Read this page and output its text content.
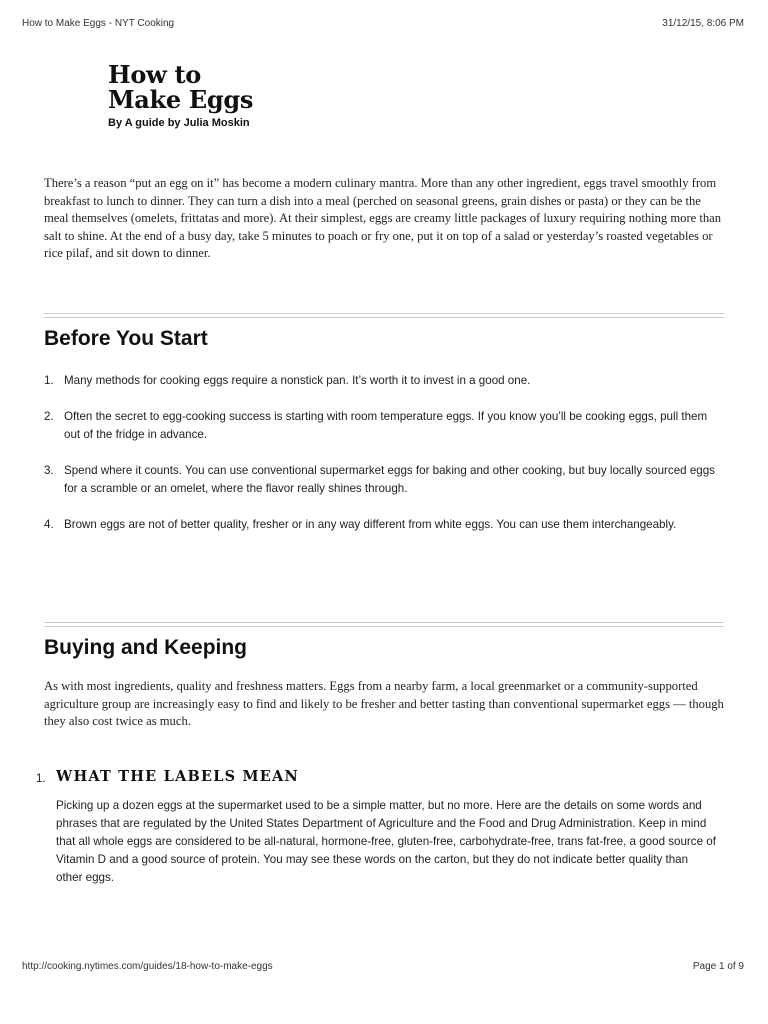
How to Make Eggs - NYT Cooking	31/12/15, 8:06 PM
How to
Make Eggs
By A guide by Julia Moskin

There’s a reason “put an egg on it” has become a modern culinary mantra. More than any other ingredient, eggs travel smoothly from breakfast to lunch to dinner. They can turn a dish into a meal (perched on seasonal greens, grain dishes or pasta) or they can be the meal themselves (omelets, frittatas and more). At their simplest, eggs are creamy little packages of luxury requiring nothing more than salt to shine. At the end of a busy day, take 5 minutes to poach or fry one, put it on top of a salad or yesterday’s roasted vegetables or rice pilaf, and sit down to dinner.

Before You Start
1. Many methods for cooking eggs require a nonstick pan. It’s worth it to invest in a good one.
2. Often the secret to egg-cooking success is starting with room temperature eggs. If you know you’ll be cooking eggs, pull them out of the fridge in advance.
3. Spend where it counts. You can use conventional supermarket eggs for baking and other cooking, but buy locally sourced eggs for a scramble or an omelet, where the flavor really shines through.
4. Brown eggs are not of better quality, fresher or in any way different from white eggs. You can use them interchangeably.
Buying and Keeping

As with most ingredients, quality and freshness matters. Eggs from a nearby farm, a local greenmarket or a community-supported agriculture group are increasingly easy to find and likely to be fresher and better tasting than conventional supermarket eggs — though they also cost twice as much.

1. WHAT THE LABELS MEAN

Picking up a dozen eggs at the supermarket used to be a simple matter, but no more. Here are the details on some words and phrases that are regulated by the United States Department of Agriculture and the Food and Drug Administration. Keep in mind that all whole eggs are considered to be all-natural, hormone-free, gluten-free, carbohydrate-free, trans fat-free, a good source of Vitamin D and a good source of protein. You may see these words on the carton, but they do not indicate better quality than other eggs.

http://cooking.nytimes.com/guides/18-how-to-make-eggs	Page 1 of 9
